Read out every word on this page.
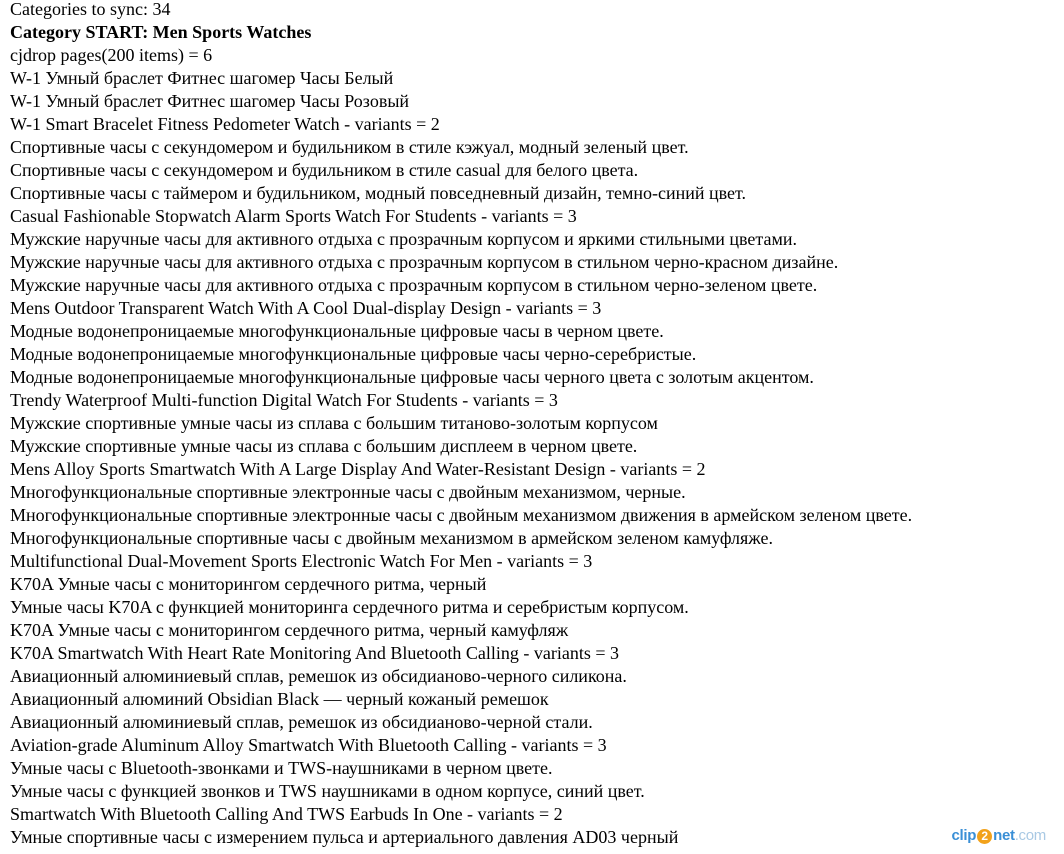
Categories to sync: 34
Category START: Men Sports Watches
cjdrop pages(200 items) = 6
W-1 Умный браслет Фитнес шагомер Часы Белый
W-1 Умный браслет Фитнес шагомер Часы Розовый
W-1 Smart Bracelet Fitness Pedometer Watch - variants = 2
Спортивные часы с секундомером и будильником в стиле кэжуал, модный зеленый цвет.
Спортивные часы с секундомером и будильником в стиле casual для белого цвета.
Спортивные часы с таймером и будильником, модный повседневный дизайн, темно-синий цвет.
Casual Fashionable Stopwatch Alarm Sports Watch For Students - variants = 3
Мужские наручные часы для активного отдыха с прозрачным корпусом и яркими стильными цветами.
Мужские наручные часы для активного отдыха с прозрачным корпусом в стильном черно-красном дизайне.
Мужские наручные часы для активного отдыха с прозрачным корпусом в стильном черно-зеленом цвете.
Mens Outdoor Transparent Watch With A Cool Dual-display Design - variants = 3
Модные водонепроницаемые многофункциональные цифровые часы в черном цвете.
Модные водонепроницаемые многофункциональные цифровые часы черно-серебристые.
Модные водонепроницаемые многофункциональные цифровые часы черного цвета с золотым акцентом.
Trendy Waterproof Multi-function Digital Watch For Students - variants = 3
Мужские спортивные умные часы из сплава с большим титаново-золотым корпусом
Мужские спортивные умные часы из сплава с большим дисплеем в черном цвете.
Mens Alloy Sports Smartwatch With A Large Display And Water-Resistant Design - variants = 2
Многофункциональные спортивные электронные часы с двойным механизмом, черные.
Многофункциональные спортивные электронные часы с двойным механизмом движения в армейском зеленом цвете.
Многофункциональные спортивные часы с двойным механизмом в армейском зеленом камуфляже.
Multifunctional Dual-Movement Sports Electronic Watch For Men - variants = 3
K70A Умные часы с мониторингом сердечного ритма, черный
Умные часы K70A с функцией мониторинга сердечного ритма и серебристым корпусом.
K70A Умные часы с мониторингом сердечного ритма, черный камуфляж
K70A Smartwatch With Heart Rate Monitoring And Bluetooth Calling - variants = 3
Авиационный алюминиевый сплав, ремешок из обсидианово-черного силикона.
Авиационный алюминий Obsidian Black — черный кожаный ремешок
Авиационный алюминиевый сплав, ремешок из обсидианово-черной стали.
Aviation-grade Aluminum Alloy Smartwatch With Bluetooth Calling - variants = 3
Умные часы с Bluetooth-звонками и TWS-наушниками в черном цвете.
Умные часы с функцией звонков и TWS наушниками в одном корпусе, синий цвет.
Smartwatch With Bluetooth Calling And TWS Earbuds In One - variants = 2
Умные спортивные часы с измерением пульса и артериального давления AD03 черный	clip 2 net.com
